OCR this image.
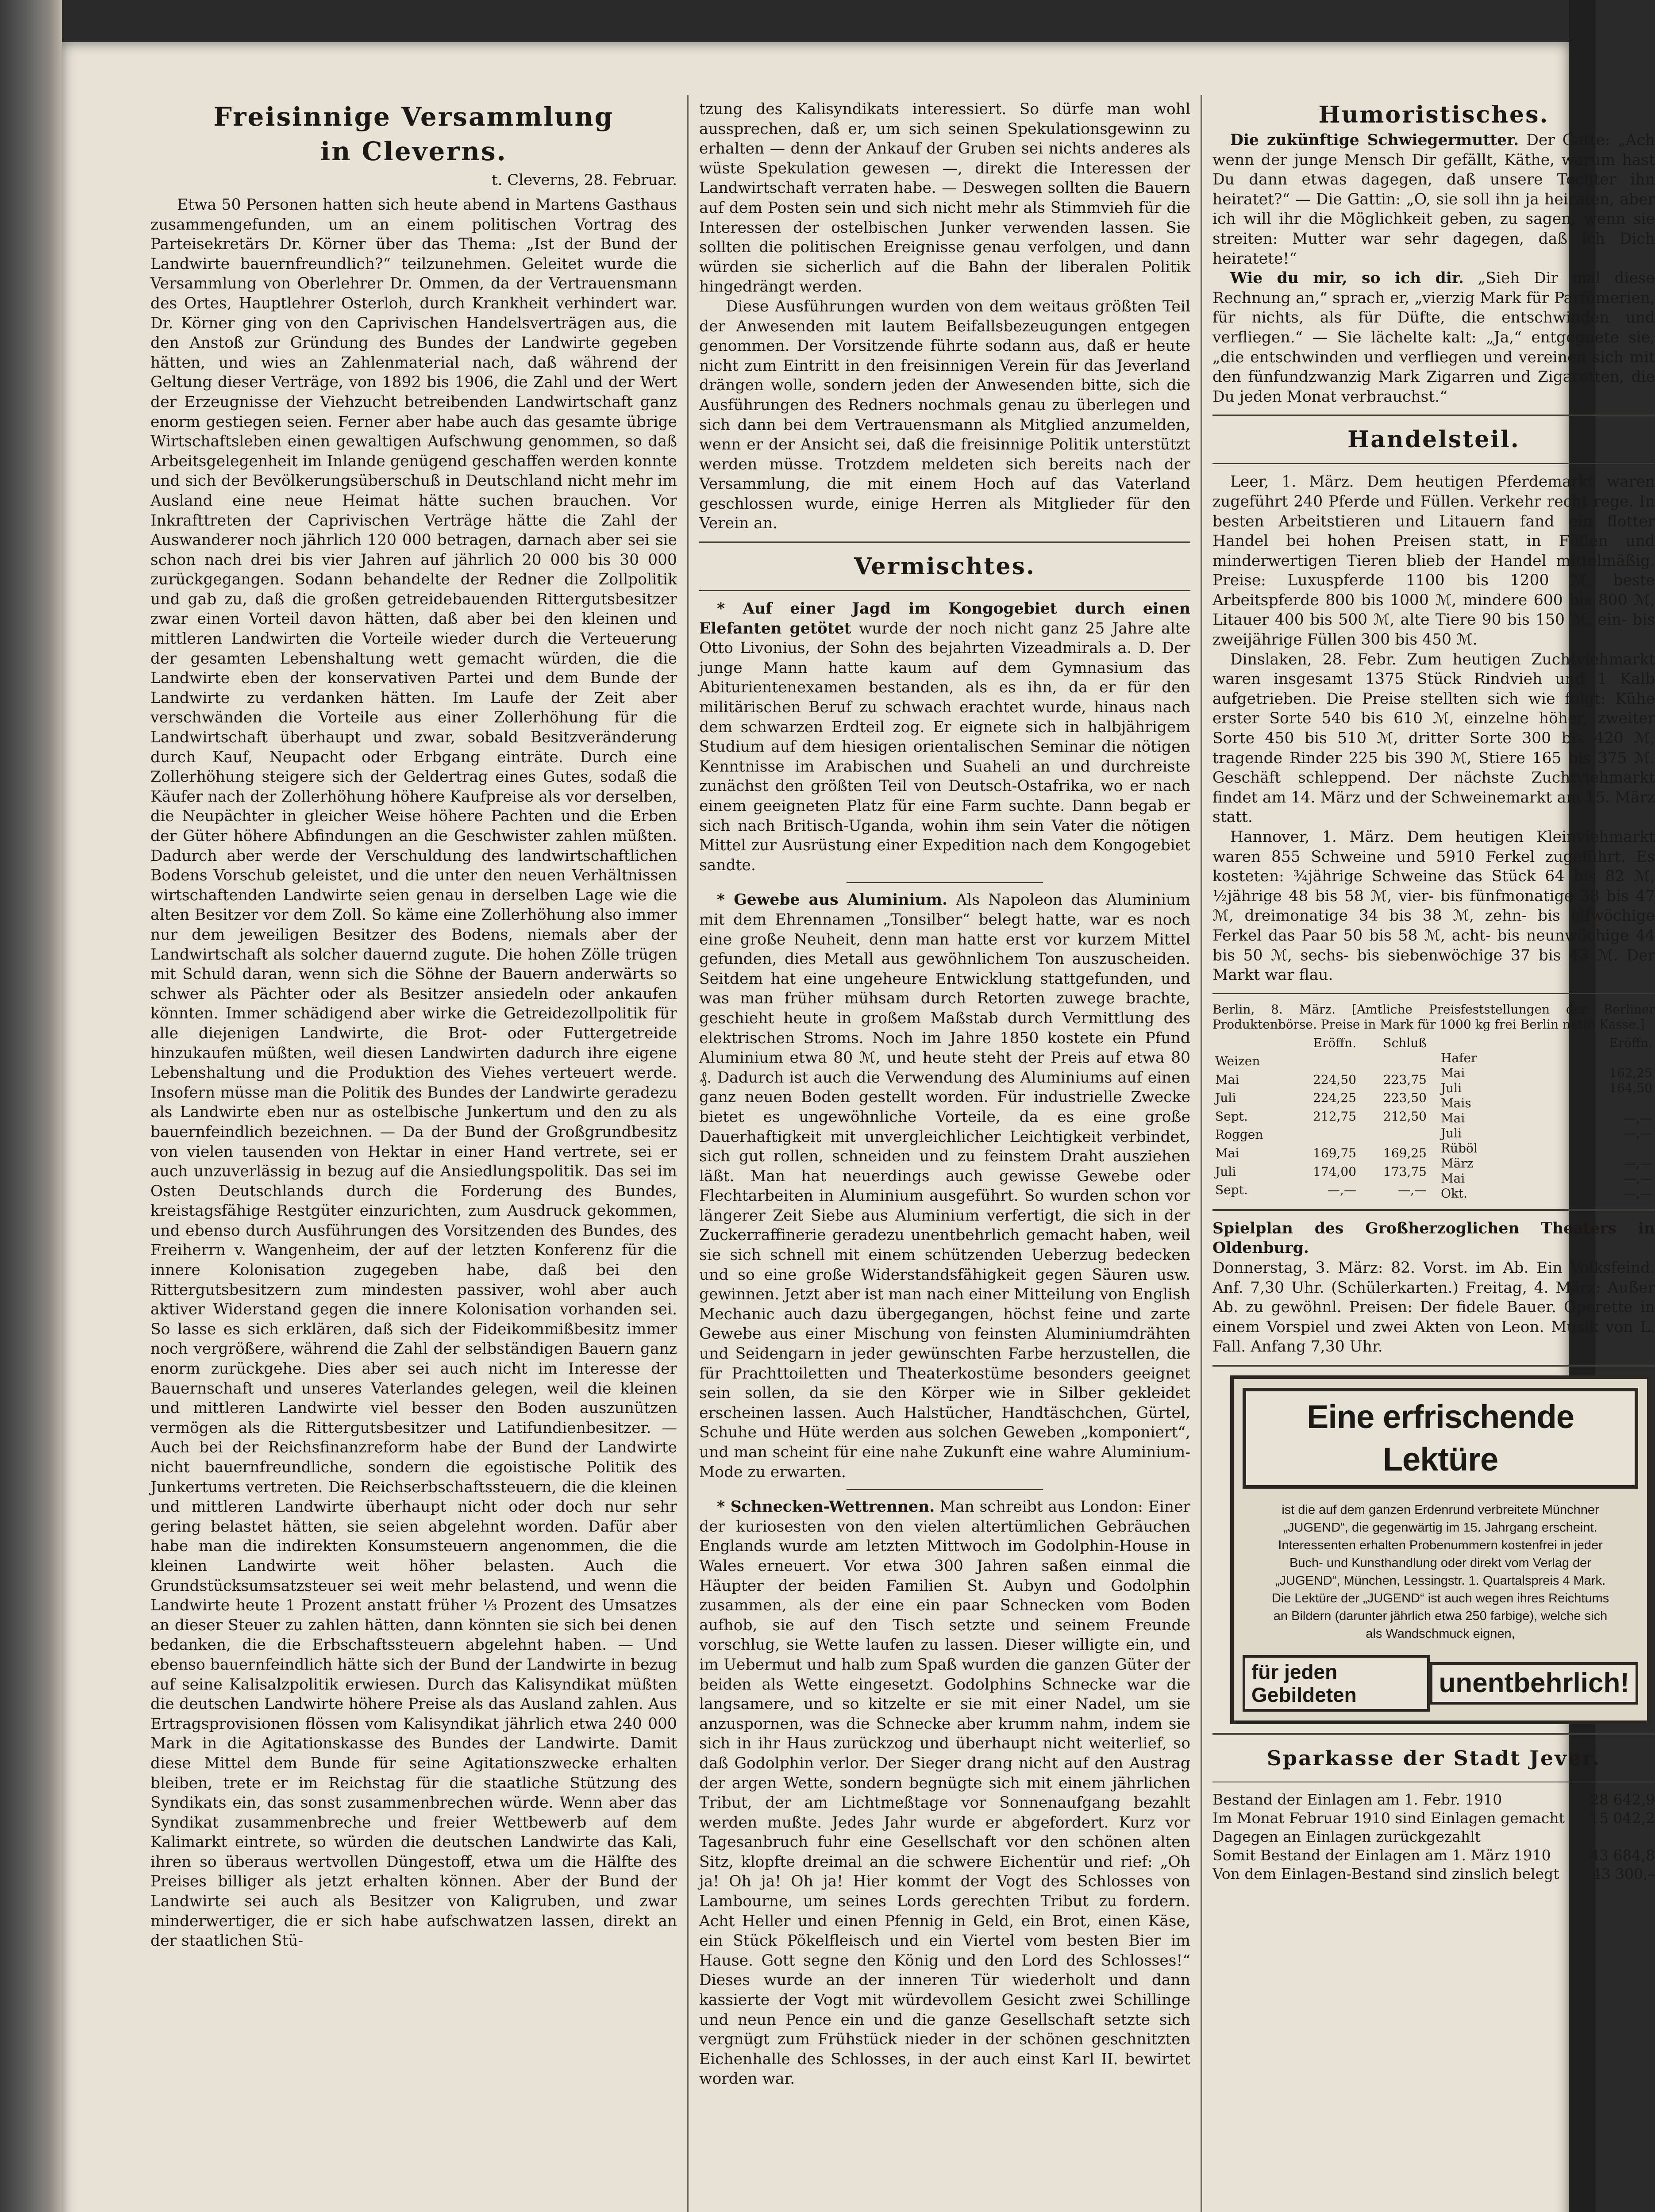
Freisinnige Versammlung
in Cleverns.
t. Cleverns, 28. Februar.

Etwa 50 Personen hatten sich heute abend in Martens Gasthaus zusammengefunden, um an einem politischen Vortrag des Parteisekretärs Dr. Körner über das Thema: „Ist der Bund der Landwirte bauernfreundlich?“ teilzunehmen. Geleitet wurde die Versammlung von Oberlehrer Dr. Ommen, da der Vertrauensmann des Ortes, Hauptlehrer Osterloh, durch Krankheit verhindert war. Dr. Körner ging von den Caprivischen Handelsverträgen aus, die den Anstoß zur Gründung des Bundes der Landwirte gegeben hätten, und wies an Zahlenmaterial nach, daß während der Geltung dieser Verträge, von 1892 bis 1906, die Zahl und der Wert der Erzeugnisse der Viehzucht betreibenden Landwirtschaft ganz enorm gestiegen seien. Ferner aber habe auch das gesamte übrige Wirtschaftsleben einen gewaltigen Aufschwung genommen, so daß Arbeitsgelegenheit im Inlande genügend geschaffen werden konnte und sich der Bevölkerungsüberschuß in Deutschland nicht mehr im Ausland eine neue Heimat hätte suchen brauchen. Vor Inkrafttreten der Caprivischen Verträge hätte die Zahl der Auswanderer noch jährlich 120 000 betragen, darnach aber sei sie schon nach drei bis vier Jahren auf jährlich 20 000 bis 30 000 zurückgegangen. Sodann behandelte der Redner die Zollpolitik und gab zu, daß die großen getreidebauenden Rittergutsbesitzer zwar einen Vorteil davon hätten, daß aber bei den kleinen und mittleren Landwirten die Vorteile wieder durch die Verteuerung der gesamten Lebenshaltung wett gemacht würden, die die Landwirte eben der konservativen Partei und dem Bunde der Landwirte zu verdanken hätten. Im Laufe der Zeit aber verschwänden die Vorteile aus einer Zollerhöhung für die Landwirtschaft überhaupt und zwar, sobald Besitzveränderung durch Kauf, Neupacht oder Erbgang einträte. Durch eine Zollerhöhung steigere sich der Geldertrag eines Gutes, sodaß die Käufer nach der Zollerhöhung höhere Kaufpreise als vor derselben, die Neupächter in gleicher Weise höhere Pachten und die Erben der Güter höhere Abfindungen an die Geschwister zahlen müßten. Dadurch aber werde der Verschuldung des landwirtschaftlichen Bodens Vorschub geleistet, und die unter den neuen Verhältnissen wirtschaftenden Landwirte seien genau in derselben Lage wie die alten Besitzer vor dem Zoll. So käme eine Zollerhöhung also immer nur dem jeweiligen Besitzer des Bodens, niemals aber der Landwirtschaft als solcher dauernd zugute. Die hohen Zölle trügen mit Schuld daran, wenn sich die Söhne der Bauern anderwärts so schwer als Pächter oder als Besitzer ansiedeln oder ankaufen könnten. Immer schädigend aber wirke die Getreidezollpolitik für alle diejenigen Landwirte, die Brot- oder Futtergetreide hinzukaufen müßten, weil diesen Landwirten dadurch ihre eigene Lebenshaltung und die Produktion des Viehes verteuert werde. Insofern müsse man die Politik des Bundes der Landwirte geradezu als Landwirte eben nur as ostelbische Junkertum und den zu als bauernfeindlich bezeichnen. — Da der Bund der Großgrundbesitz von vielen tausenden von Hektar in einer Hand vertrete, sei er auch unzuverlässig in bezug auf die Ansiedlungspolitik. Das sei im Osten Deutschlands durch die Forderung des Bundes, kreistagsfähige Restgüter einzurichten, zum Ausdruck gekommen, und ebenso durch Ausführungen des Vorsitzenden des Bundes, des Freiherrn v. Wangenheim, der auf der letzten Konferenz für die innere Kolonisation zugegeben habe, daß bei den Rittergutsbesitzern zum mindesten passiver, wohl aber auch aktiver Widerstand gegen die innere Kolonisation vorhanden sei. So lasse es sich erklären, daß sich der Fideikommißbesitz immer noch vergrößere, während die Zahl der selbständigen Bauern ganz enorm zurückgehe. Dies aber sei auch nicht im Interesse der Bauernschaft und unseres Vaterlandes gelegen, weil die kleinen und mittleren Landwirte viel besser den Boden auszunützen vermögen als die Rittergutsbesitzer und Latifundienbesitzer. — Auch bei der Reichsfinanzreform habe der Bund der Landwirte nicht bauernfreundliche, sondern die egoistische Politik des Junkertums vertreten. Die Reichserbschaftssteuern, die die kleinen und mittleren Landwirte überhaupt nicht oder doch nur sehr gering belastet hätten, sie seien abgelehnt worden. Dafür aber habe man die indirekten Konsumsteuern angenommen, die die kleinen Landwirte weit höher belasten. Auch die Grundstücksumsatzsteuer sei weit mehr belastend, und wenn die Landwirte heute 1 Prozent anstatt früher ⅓ Prozent des Umsatzes an dieser Steuer zu zahlen hätten, dann könnten sie sich bei denen bedanken, die die Erbschaftssteuern abgelehnt haben. — Und ebenso bauernfeindlich hätte sich der Bund der Landwirte in bezug auf seine Kalisalzpolitik erwiesen. Durch das Kalisyndikat müßten die deutschen Landwirte höhere Preise als das Ausland zahlen. Aus Ertragsprovisionen flössen vom Kalisyndikat jährlich etwa 240 000 Mark in die Agitationskasse des Bundes der Landwirte. Damit diese Mittel dem Bunde für seine Agitationszwecke erhalten bleiben, trete er im Reichstag für die staatliche Stützung des Syndikats ein, das sonst zusammenbrechen würde. Wenn aber das Syndikat zusammenbreche und freier Wettbewerb auf dem Kalimarkt eintrete, so würden die deutschen Landwirte das Kali, ihren so überaus wertvollen Düngestoff, etwa um die Hälfte des Preises billiger als jetzt erhalten können. Aber der Bund der Landwirte sei auch als Besitzer von Kaligruben, und zwar minderwertiger, die er sich habe aufschwatzen lassen, direkt an der staatlichen Stü-

tzung des Kalisyndikats interessiert. So dürfe man wohl aussprechen, daß er, um sich seinen Spekulationsgewinn zu erhalten — denn der Ankauf der Gruben sei nichts anderes als wüste Spekulation gewesen —, direkt die Interessen der Landwirtschaft verraten habe. — Deswegen sollten die Bauern auf dem Posten sein und sich nicht mehr als Stimmvieh für die Interessen der ostelbischen Junker verwenden lassen. Sie sollten die politischen Ereignisse genau verfolgen, und dann würden sie sicherlich auf die Bahn der liberalen Politik hingedrängt werden.

Diese Ausführungen wurden von dem weitaus größten Teil der Anwesenden mit lautem Beifallsbezeugungen entgegen genommen. Der Vorsitzende führte sodann aus, daß er heute nicht zum Eintritt in den freisinnigen Verein für das Jeverland drängen wolle, sondern jeden der Anwesenden bitte, sich die Ausführungen des Redners nochmals genau zu überlegen und sich dann bei dem Vertrauensmann als Mitglied anzumelden, wenn er der Ansicht sei, daß die freisinnige Politik unterstützt werden müsse. Trotzdem meldeten sich bereits nach der Versammlung, die mit einem Hoch auf das Vaterland geschlossen wurde, einige Herren als Mitglieder für den Verein an.

Vermischtes.

* Auf einer Jagd im Kongogebiet durch einen Elefanten getötet wurde der noch nicht ganz 25 Jahre alte Otto Livonius, der Sohn des bejahrten Vizeadmirals a. D. Der junge Mann hatte kaum auf dem Gymnasium das Abiturientenexamen bestanden, als es ihn, da er für den militärischen Beruf zu schwach erachtet wurde, hinaus nach dem schwarzen Erdteil zog. Er eignete sich in halbjährigem Studium auf dem hiesigen orientalischen Seminar die nötigen Kenntnisse im Arabischen und Suaheli an und durchreiste zunächst den größten Teil von Deutsch-Ostafrika, wo er nach einem geeigneten Platz für eine Farm suchte. Dann begab er sich nach Britisch-Uganda, wohin ihm sein Vater die nötigen Mittel zur Ausrüstung einer Expedition nach dem Kongogebiet sandte.

* Gewebe aus Aluminium. Als Napoleon das Aluminium mit dem Ehrennamen „Tonsilber“ belegt hatte, war es noch eine große Neuheit, denn man hatte erst vor kurzem Mittel gefunden, dies Metall aus gewöhnlichem Ton auszuscheiden. Seitdem hat eine ungeheure Entwicklung stattgefunden, und was man früher mühsam durch Retorten zuwege brachte, geschieht heute in großem Maßstab durch Vermittlung des elektrischen Stroms. Noch im Jahre 1850 kostete ein Pfund Aluminium etwa 80 ℳ, und heute steht der Preis auf etwa 80 ₰. Dadurch ist auch die Verwendung des Aluminiums auf einen ganz neuen Boden gestellt worden. Für industrielle Zwecke bietet es ungewöhnliche Vorteile, da es eine große Dauerhaftigkeit mit unvergleichlicher Leichtigkeit verbindet, sich gut rollen, schneiden und zu feinstem Draht ausziehen läßt. Man hat neuerdings auch gewisse Gewebe oder Flechtarbeiten in Aluminium ausgeführt. So wurden schon vor längerer Zeit Siebe aus Aluminium verfertigt, die sich in der Zuckerraffinerie geradezu unentbehrlich gemacht haben, weil sie sich schnell mit einem schützenden Ueberzug bedecken und so eine große Widerstandsfähigkeit gegen Säuren usw. gewinnen. Jetzt aber ist man nach einer Mitteilung von English Mechanic auch dazu übergegangen, höchst feine und zarte Gewebe aus einer Mischung von feinsten Aluminiumdrähten und Seidengarn in jeder gewünschten Farbe herzustellen, die für Prachttoiletten und Theaterkostüme besonders geeignet sein sollen, da sie den Körper wie in Silber gekleidet erscheinen lassen. Auch Halstücher, Handtäschchen, Gürtel, Schuhe und Hüte werden aus solchen Geweben „komponiert“, und man scheint für eine nahe Zukunft eine wahre Aluminium-Mode zu erwarten.

* Schnecken-Wettrennen. Man schreibt aus London: Einer der kuriosesten von den vielen altertümlichen Gebräuchen Englands wurde am letzten Mittwoch im Godolphin-House in Wales erneuert. Vor etwa 300 Jahren saßen einmal die Häupter der beiden Familien St. Aubyn und Godolphin zusammen, als der eine ein paar Schnecken vom Boden aufhob, sie auf den Tisch setzte und seinem Freunde vorschlug, sie Wette laufen zu lassen. Dieser willigte ein, und im Uebermut und halb zum Spaß wurden die ganzen Güter der beiden als Wette eingesetzt. Godolphins Schnecke war die langsamere, und so kitzelte er sie mit einer Nadel, um sie anzuspornen, was die Schnecke aber krumm nahm, indem sie sich in ihr Haus zurückzog und überhaupt nicht weiterlief, so daß Godolphin verlor. Der Sieger drang nicht auf den Austrag der argen Wette, sondern begnügte sich mit einem jährlichen Tribut, der am Lichtmeßtage vor Sonnenaufgang bezahlt werden mußte. Jedes Jahr wurde er abgefordert. Kurz vor Tagesanbruch fuhr eine Gesellschaft vor den schönen alten Sitz, klopfte dreimal an die schwere Eichentür und rief: „Oh ja! Oh ja! Oh ja! Hier kommt der Vogt des Schlosses von Lambourne, um seines Lords gerechten Tribut zu fordern. Acht Heller und einen Pfennig in Geld, ein Brot, einen Käse, ein Stück Pökelfleisch und ein Viertel vom besten Bier im Hause. Gott segne den König und den Lord des Schlosses!“ Dieses wurde an der inneren Tür wiederholt und dann kassierte der Vogt mit würdevollem Gesicht zwei Schillinge und neun Pence ein und die ganze Gesellschaft setzte sich vergnügt zum Frühstück nieder in der schönen geschnitzten Eichenhalle des Schlosses, in der auch einst Karl II. bewirtet worden war.

Humoristisches.

Die zukünftige Schwiegermutter. Der Gatte: „Ach wenn der junge Mensch Dir gefällt, Käthe, warum hast Du dann etwas dagegen, daß unsere Tochter ihn heiratet?“ — Die Gattin: „O, sie soll ihn ja heiraten, aber ich will ihr die Möglichkeit geben, zu sagen, wenn sie streiten: Mutter war sehr dagegen, daß ich Dich heiratete!“

Wie du mir, so ich dir. „Sieh Dir mal diese Rechnung an,“ sprach er, „vierzig Mark für Parfümerien, für nichts, als für Düfte, die entschwinden und verfliegen.“ — Sie lächelte kalt: „Ja,“ entgegnete sie, „die entschwinden und verfliegen und vereinen sich mit den fünfundzwanzig Mark Zigarren und Zigaretten, die Du jeden Monat verbrauchst.“

Handelsteil.

Leer, 1. März. Dem heutigen Pferdemarkt waren zugeführt 240 Pferde und Füllen. Verkehr recht rege. In besten Arbeitstieren und Litauern fand ein flotter Handel bei hohen Preisen statt, in Füllen und minderwertigen Tieren blieb der Handel mittelmäßig. Preise: Luxuspferde 1100 bis 1200 ℳ, beste Arbeitspferde 800 bis 1000 ℳ, mindere 600 bis 800 ℳ, Litauer 400 bis 500 ℳ, alte Tiere 90 bis 150 ℳ, ein- bis zweijährige Füllen 300 bis 450 ℳ.

Dinslaken, 28. Febr. Zum heutigen Zuchtviehmarkt waren insgesamt 1375 Stück Rindvieh und 1 Kalb aufgetrieben. Die Preise stellten sich wie folgt: Kühe erster Sorte 540 bis 610 ℳ, einzelne höher, zweiter Sorte 450 bis 510 ℳ, dritter Sorte 300 bis 420 ℳ, tragende Rinder 225 bis 390 ℳ, Stiere 165 bis 375 ℳ. Geschäft schleppend. Der nächste Zuchtviehmarkt findet am 14. März und der Schweinemarkt am 15. März statt.

Hannover, 1. März. Dem heutigen Kleinviehmarkt waren 855 Schweine und 5910 Ferkel zugeführt. Es kosteten: ¾jährige Schweine das Stück 64 bis 82 ℳ, ½jährige 48 bis 58 ℳ, vier- bis fünfmonatige 38 bis 47 ℳ, dreimonatige 34 bis 38 ℳ, zehn- bis elfwöchige Ferkel das Paar 50 bis 58 ℳ, acht- bis neunwöchige 44 bis 50 ℳ, sechs- bis siebenwöchige 37 bis 43 ℳ. Der Markt war flau.

Berlin, 8. März. [Amtliche Preisfeststellungen der Berliner Produktenbörse. Preise in Mark für 1000 kg frei Berlin netto Kasse.]

	Eröffn.	Schluß
Weizen		
Mai	224,50	223,75
Juli	224,25	223,50
Sept.	212,75	212,50

Roggen		
Mai	169,75	169,25
Juli	174,00	173,75
Sept.	—,—	—,—
	Eröffn.
Hafer	
Mai	162,25
Juli	164,50
Mais	
Mai	—,—
Juli	—,—
Rüböl	
März	—,—
Mai	—,—
Okt.	—,—

Spielplan des Großherzoglichen Theaters in Oldenburg.

Donnerstag, 3. März: 82. Vorst. im Ab. Ein Volksfeind. Anf. 7,30 Uhr. (Schülerkarten.) Freitag, 4. März: Außer Ab. zu gewöhnl. Preisen: Der fidele Bauer. Operette in einem Vorspiel und zwei Akten von Leon. Musik von L. Fall. Anfang 7,30 Uhr.

Eine erfrischende Lektüre
ist die auf dem ganzen Erdenrund verbreitete Münchner „JUGEND“, die gegenwärtig im 15. Jahrgang erscheint. Interessenten erhalten Probenummern kostenfrei in jeder Buch- und Kunsthandlung oder direkt vom Verlag der „JUGEND“, München, Lessingstr. 1. Quartalspreis 4 Mark. Die Lektüre der „JUGEND“ ist auch wegen ihres Reichtums an Bildern (darunter jährlich etwa 250 farbige), welche sich als Wandschmuck eignen,
für jeden Gebildeten	unentbehrlich!
Sparkasse der Stadt Jever.
Bestand der Einlagen am 1. Febr. 1910	28 642,9
Im Monat Februar 1910 sind Einlagen gemacht 15 042,2
Dagegen an Einlagen zurückgezahlt
Somit Bestand der Einlagen am 1. März 1910	43 684,8
Von dem Einlagen-Bestand sind zinslich belegt 43 300,–
